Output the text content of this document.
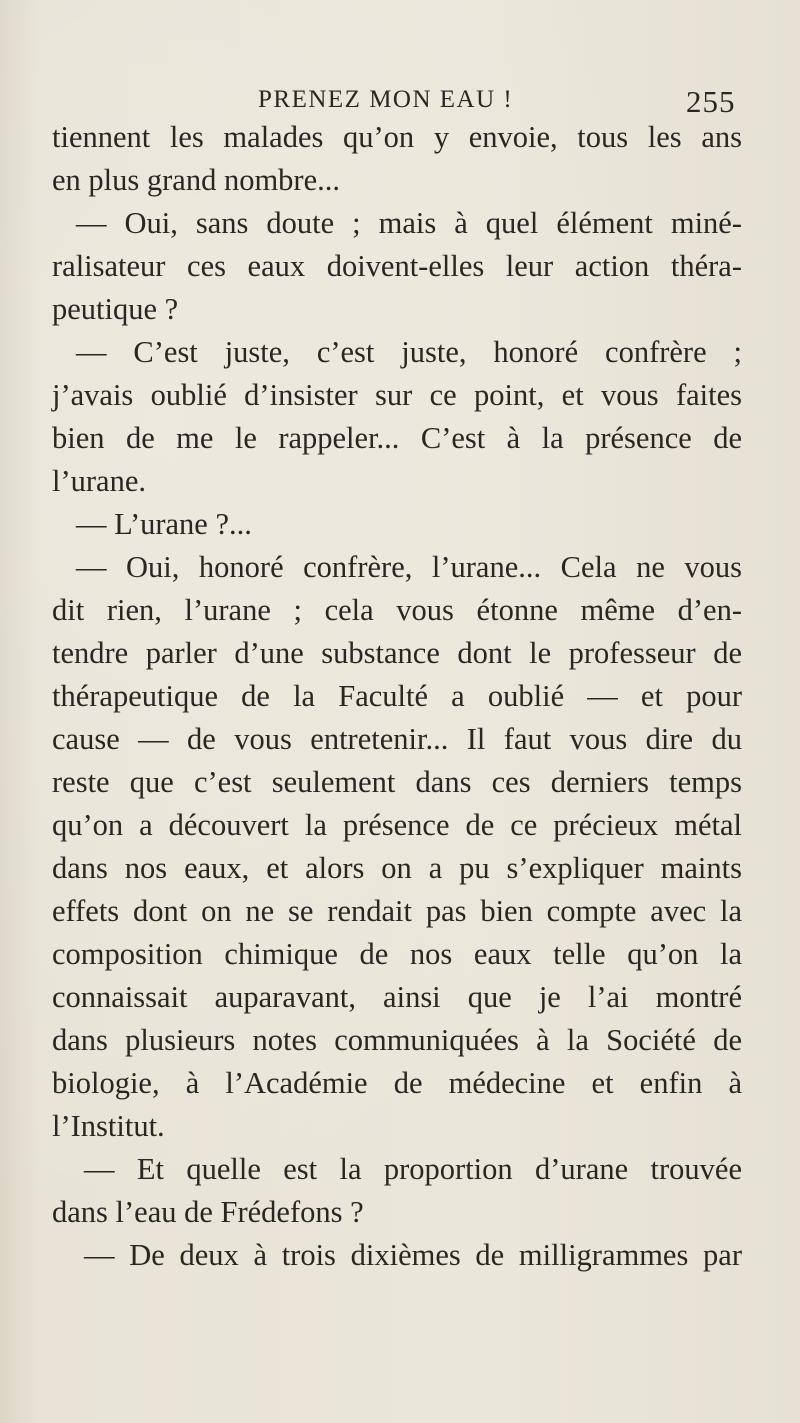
PRENEZ MON EAU !	255
tiennent les malades qu’on y envoie, tous les ans
en plus grand nombre...
— Oui, sans doute ; mais à quel élément miné-
ralisateur ces eaux doivent-elles leur action théra-
peutique ?
— C’est juste, c’est juste, honoré confrère ;
j’avais oublié d’insister sur ce point, et vous faites
bien de me le rappeler... C’est à la présence de
l’urane.
— L’urane ?...
— Oui, honoré confrère, l’urane... Cela ne vous
dit rien, l’urane ; cela vous étonne même d’en-
tendre parler d’une substance dont le professeur de
thérapeutique de la Faculté a oublié — et pour
cause — de vous entretenir... Il faut vous dire du
reste que c’est seulement dans ces derniers temps
qu’on a découvert la présence de ce précieux métal
dans nos eaux, et alors on a pu s’expliquer maints
effets dont on ne se rendait pas bien compte avec la
composition chimique de nos eaux telle qu’on la
connaissait auparavant, ainsi que je l’ai montré
dans plusieurs notes communiquées à la Société de
biologie, à l’Académie de médecine et enfin à
l’Institut.
— Et quelle est la proportion d’urane trouvée
dans l’eau de Frédefons ?
— De deux à trois dixièmes de milligrammes par
